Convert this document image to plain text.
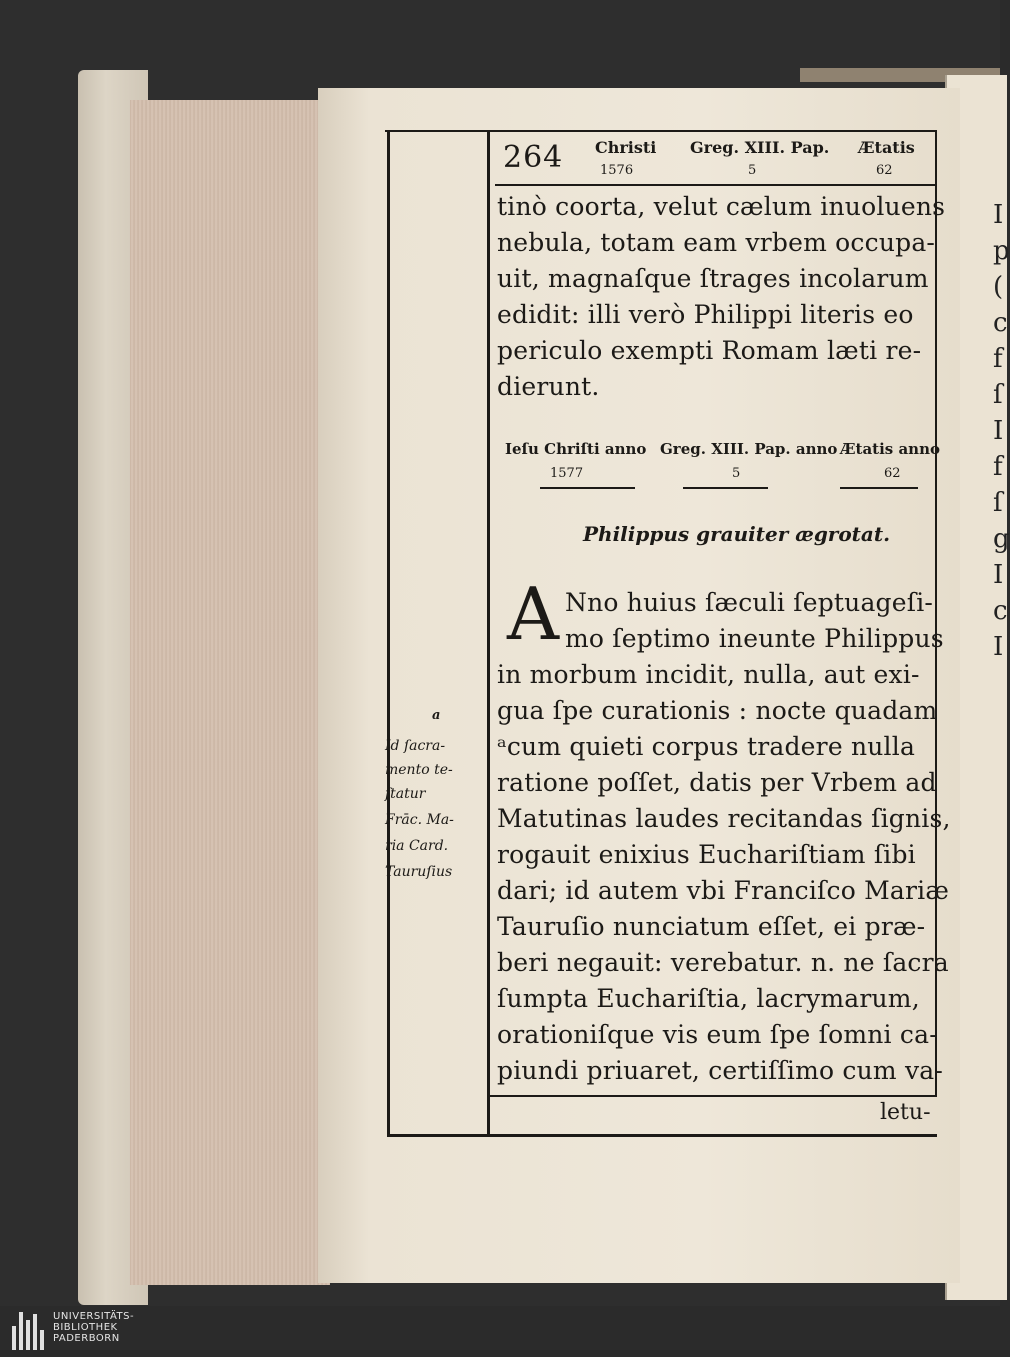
I
p
(
c
f
ſ
I
f
ſ
g
I
c
I
264 Christi
1576
Greg. XIII. Pap.
5
Ætatis
62
tinò coorta, velut cælum inuoluens
nebula, totam eam vrbem occupa-
uit, magnaſque ſtrages incolarum
edidit: illi verò Philippi literis eo
periculo exempti Romam læti re-
dierunt.
Ieſu Chriſti anno
1577
Greg. XIII. Pap. anno
5
Ætatis anno
62
Philippus grauiter ægrotat.
A Nno huius ſæculi ſeptuageſi-
mo ſeptimo ineunte Philippus
in morbum incidit, nulla, aut exi-
gua ſpe curationis : nocte quadam
ᵃcum quieti corpus tradere nulla
ratione poſſet, datis per Vrbem ad
Matutinas laudes recitandas ſignis,
rogauit enixius Euchariſtiam ſibi
dari; id autem vbi Franciſco Mariæ
Tauruſio nunciatum eſſet, ei præ-
beri negauit: verebatur. n. ne ſacra
ſumpta Euchariſtia, lacrymarum,
orationiſque vis eum ſpe ſomni ca-
piundi priuaret, certiſſimo cum va-
letu-
a
Id ſacra-
mento te-
ſtatur
Frāc. Ma-
ria Card.
Tauruſius
UNIVERSITÄTS-
BIBLIOTHEK
PADERBORN
